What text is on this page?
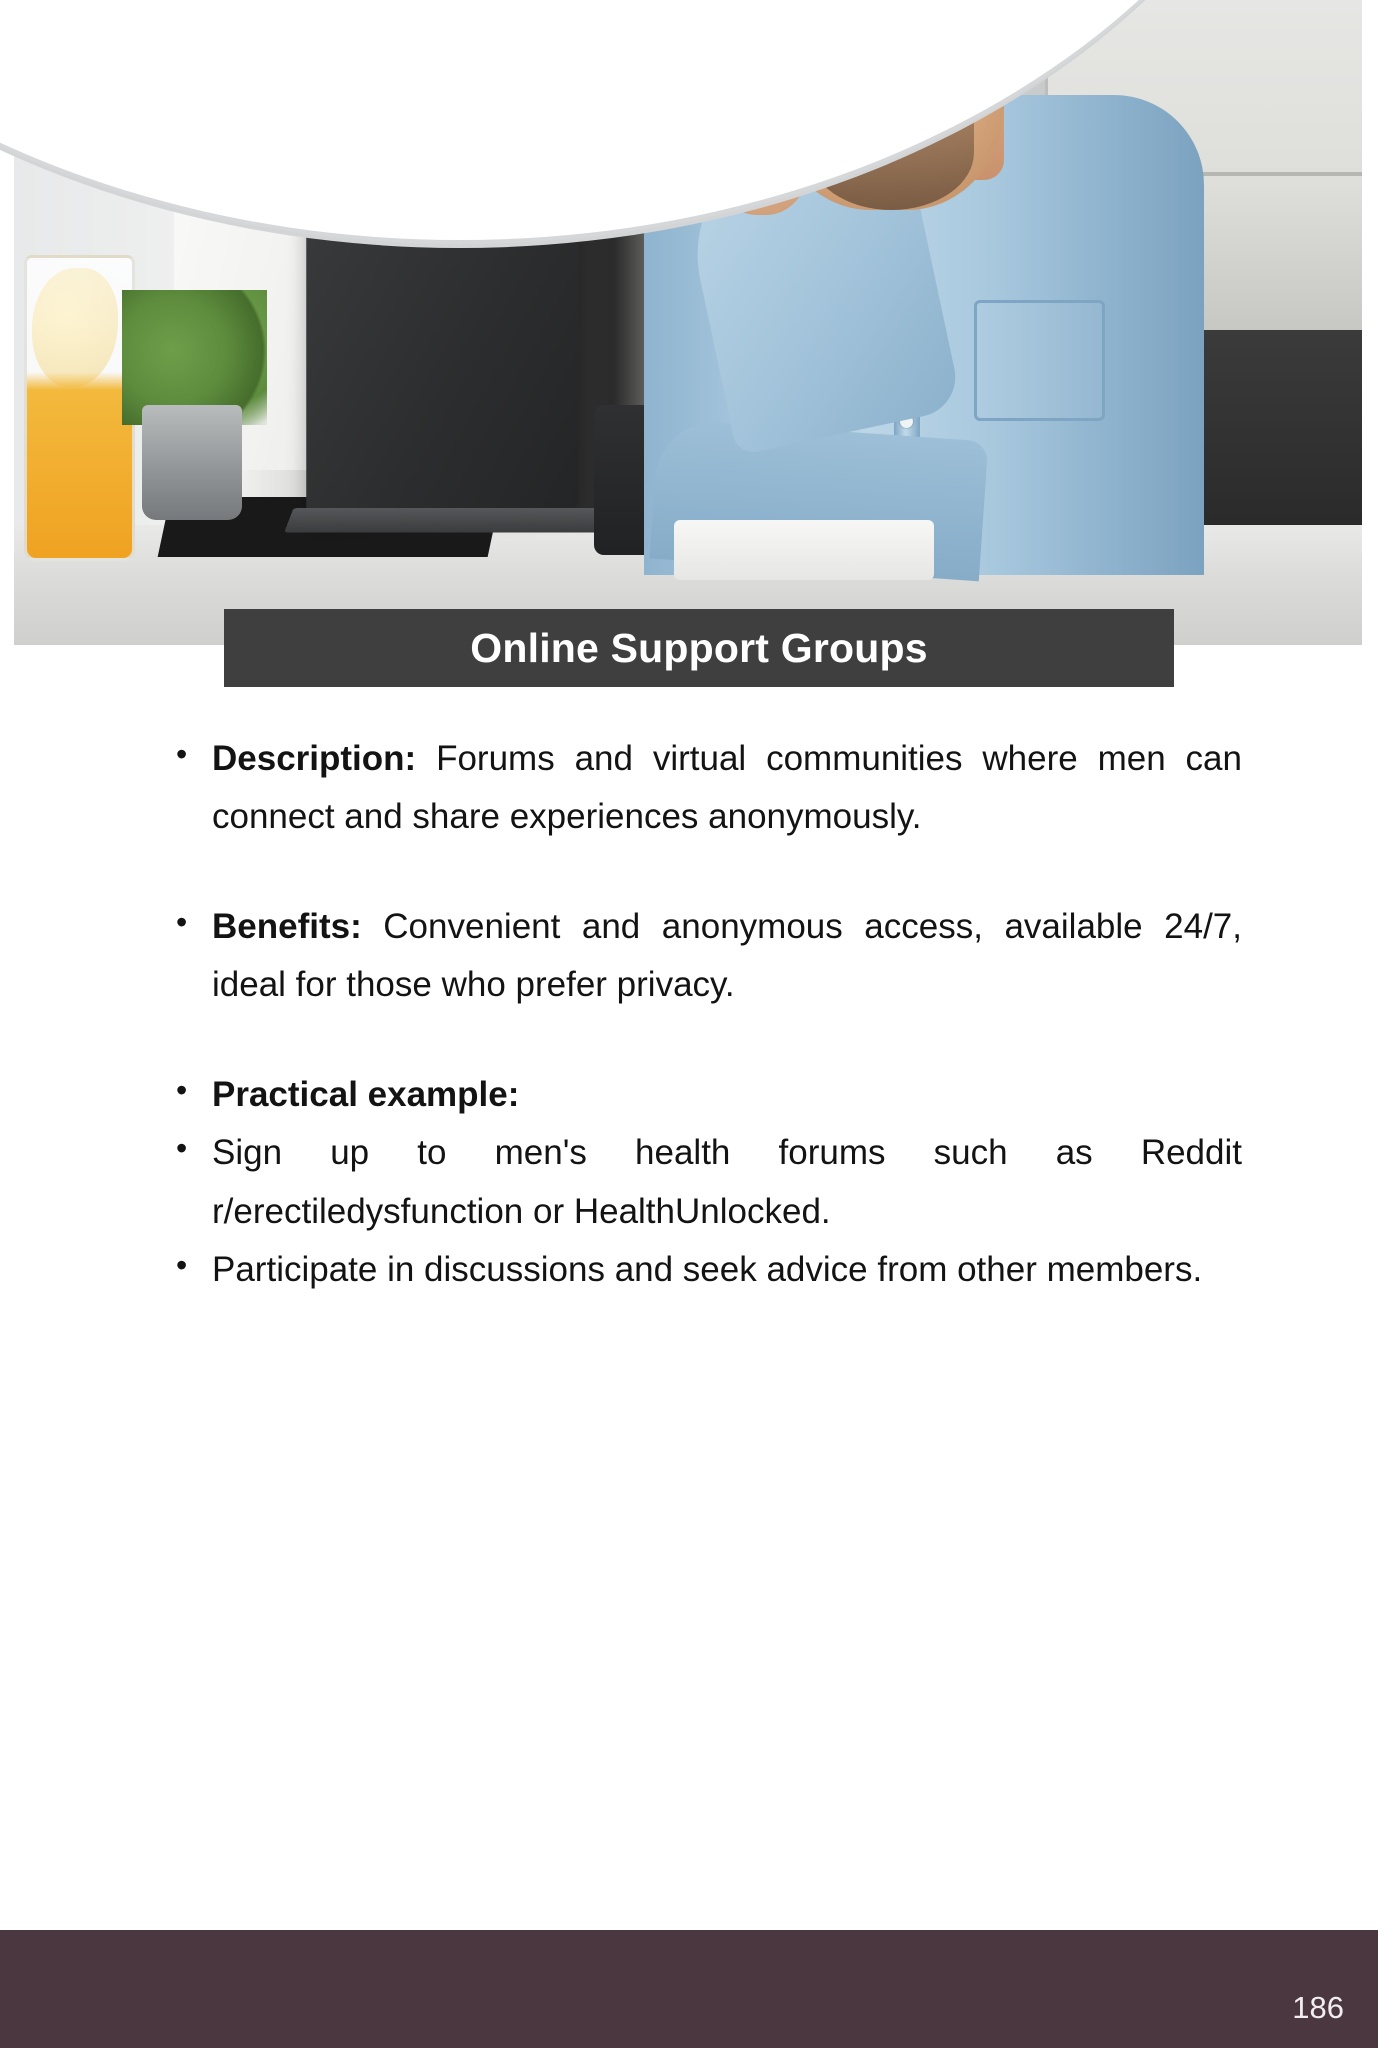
Online Support Groups
• Description: Forums and virtual communities where men can connect and share experiences anonymously.
• Benefits: Convenient and anonymous access, available 24/7, ideal for those who prefer privacy.
• Practical example:
• Sign up to men's health forums such as Reddit r/erectiledysfunction or HealthUnlocked.
• Participate in discussions and seek advice from other members.
186
